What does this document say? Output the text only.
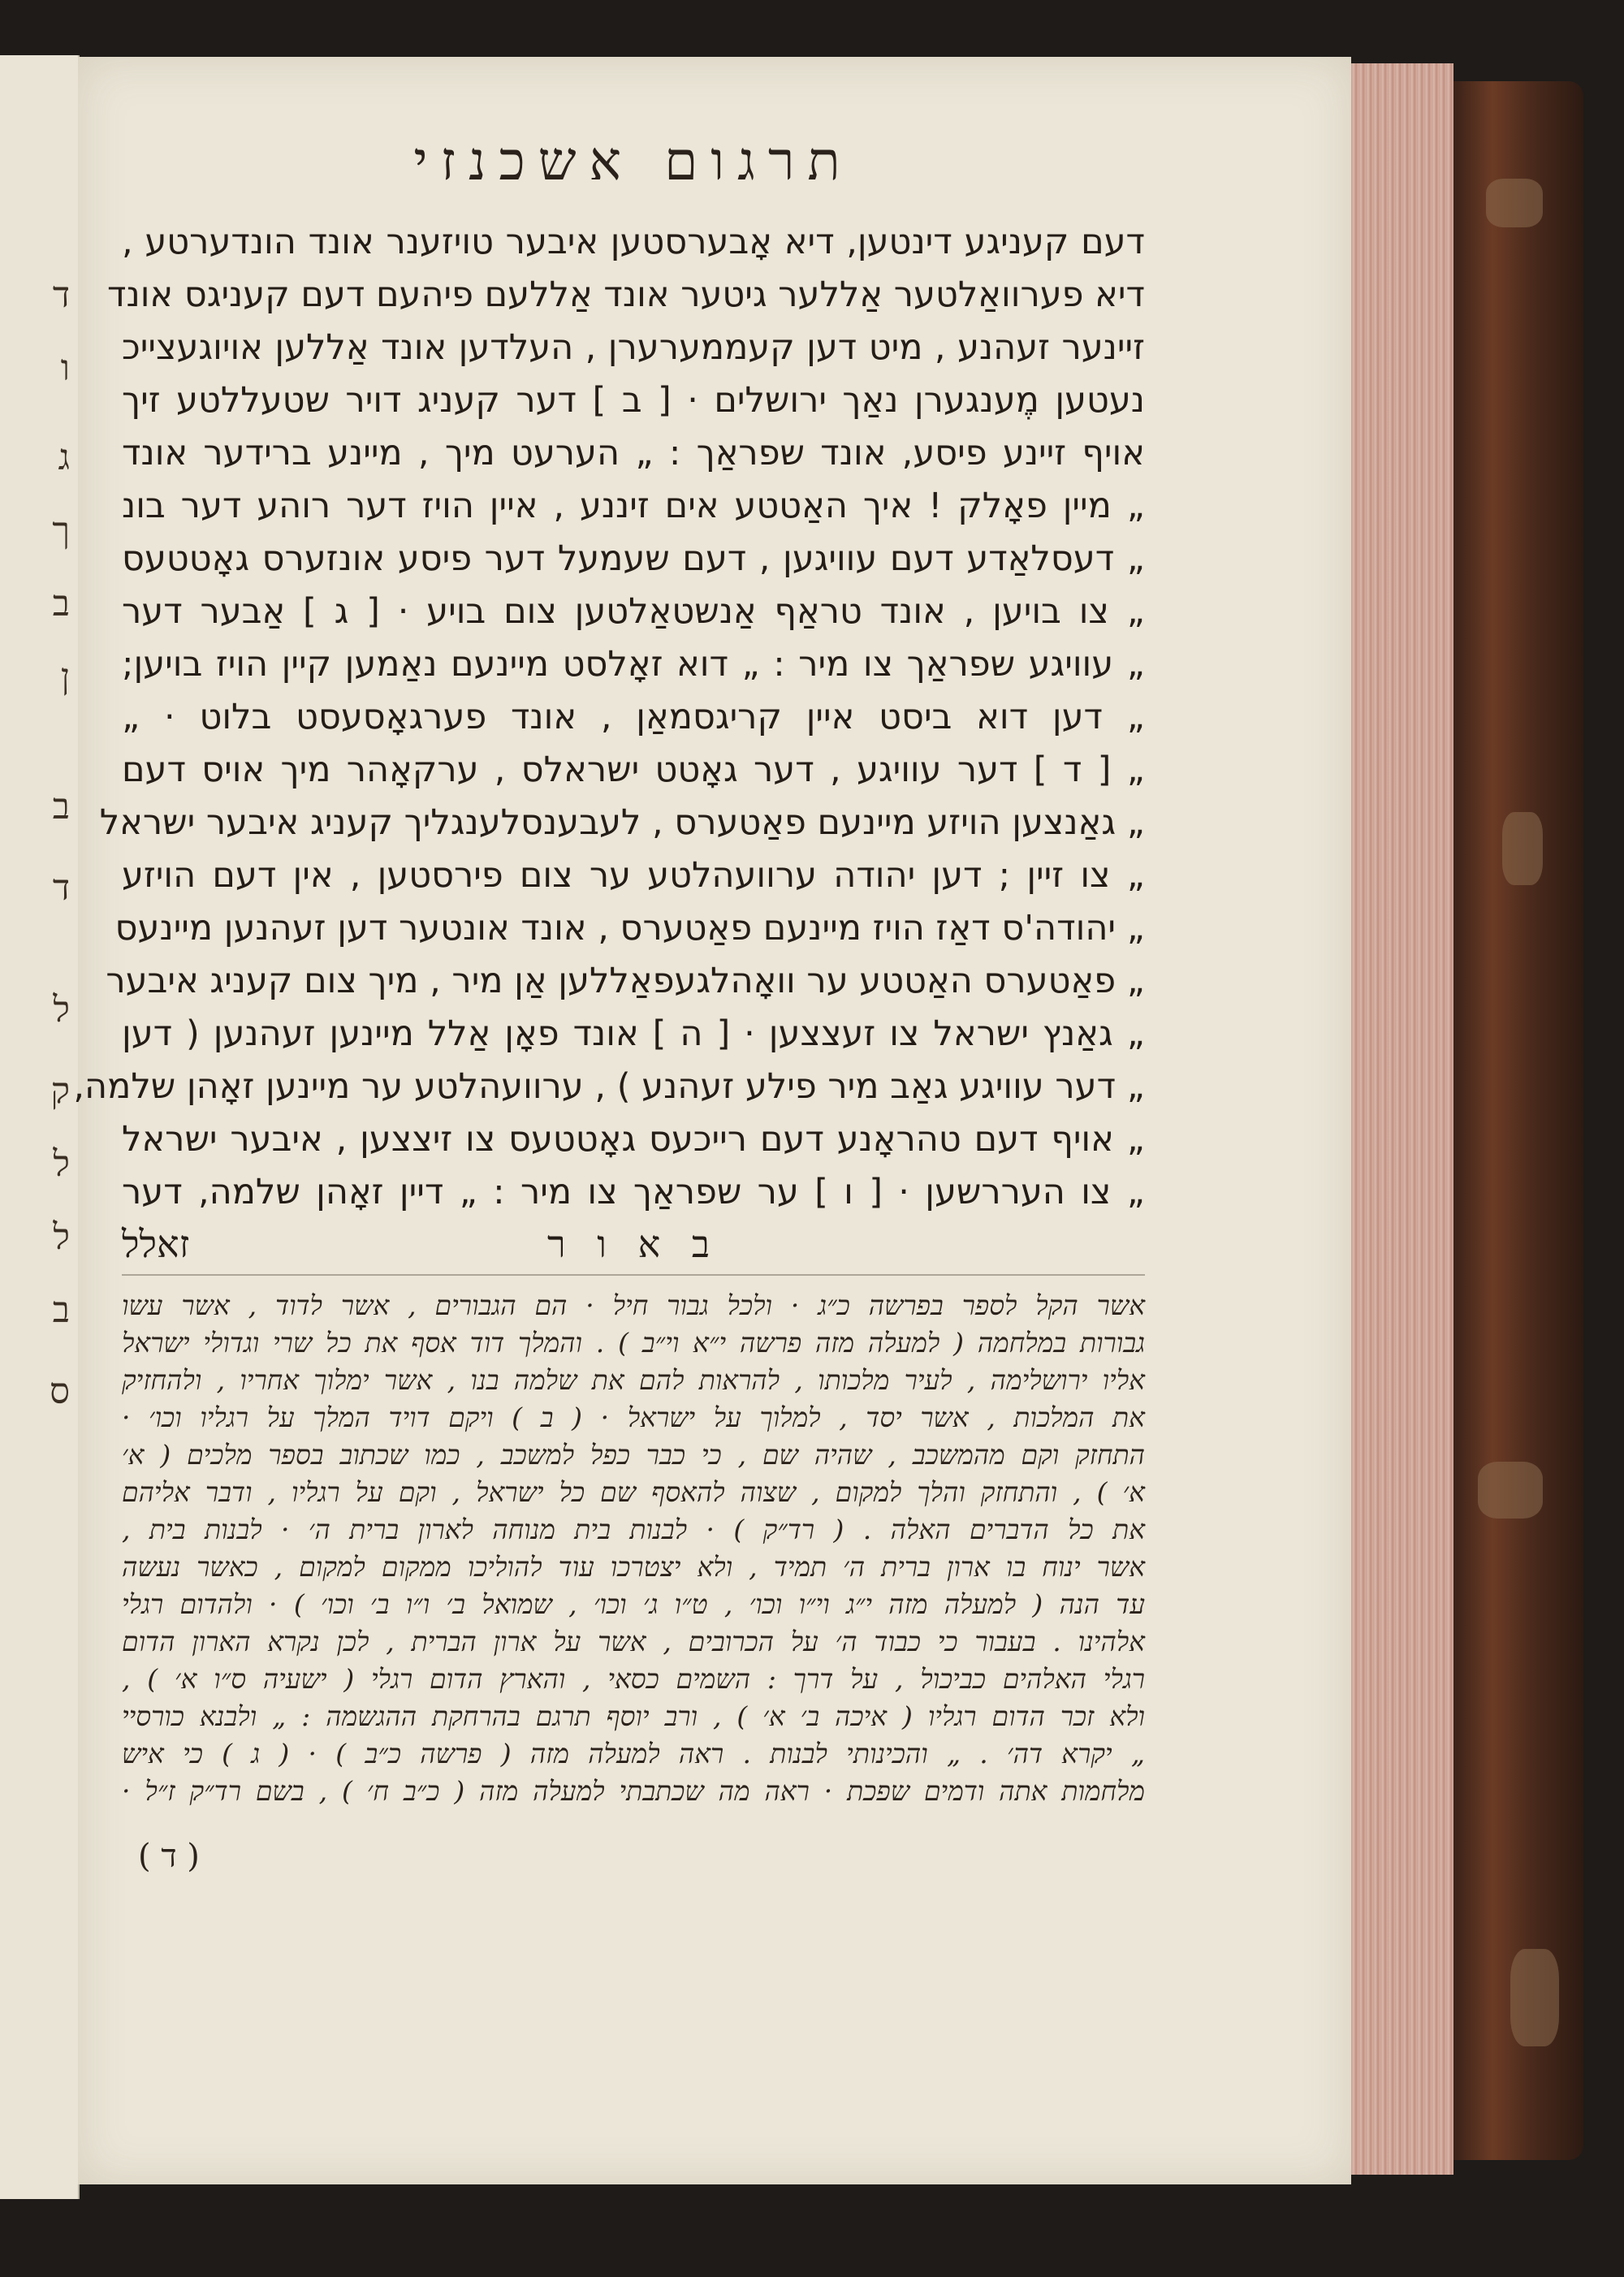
ד
ו
ג
ך
ב
ן
ב
ד
ל
ק
ל
ל
ב
ס
תרגום אשכנזי
דעם קעניגע דינטען, דיא אָבערסטען איבער טויזענר אונד הונדערטע ,
דיא פערוואַלטער אַללער גיטער אונד אַללעם פיהעם דעם קעניגס אונד
זיינער זעהנע , מיט דען קעממערערן , העלדען אונד אַללען אויוגעצייכ
נעטען מֶענגערן נאַך ירושלים · [ ב ] דער קעניג דויר שטעללטע זיך
אויף זיינע פיסע, אונד שפראַך : „ הערעט מיך , מיינע ברידער אונד
„ מיין פאָלק ! איך האַטטע אים זיננע , איין הויז דער רוהע דער בונ
„ דעסלאַדע דעם עוויגען , דעם שעמעל דער פיסע אונזערס גאָטטעס
„ צו בויען , אונד טראַף אַנשטאַלטען צום בויע · [ ג ] אַבער דער
„ עוויגע שפראַך צו מיר : „ דוא זאָלסט מיינעם נאַמען קיין הויז בויען;
„ דען דוא ביסט איין קריגסמאַן , אונד פערגאָסעסט בלוט · „
„ [ ד ] דער עוויגע , דער גאָטט ישראלס , ערקאָהר מיך אויס דעם
„ גאַנצען הויזע מיינעם פאַטערס , לעבענסלענגליך קעניג איבער ישראל
„ צו זיין ; דען יהודה ערוועהלטע ער צום פירסטען , אין דעם הויזע
„ יהודה'ס דאַז הויז מיינעם פאַטערס , אונד אונטער דען זעהנען מיינעס
„ פאַטערס האַטטע ער וואָהלגעפאַללען אַן מיר , מיך צום קעניג איבער
„ גאַנץ ישראל צו זעצצען · [ ה ] אונד פאָן אַלל מיינען זעהנען ( דען
„ דער עוויגע גאַב מיר פילע זעהנע ) , ערוועהלטע ער מיינען זאָהן שלמה,
„ אויף דעם טהראָנע דעם רייכעס גאָטטעס צו זיצצען , איבער ישראל
„ צו העררשען · [ ו ] ער שפראַך צו מיר : „ דיין זאָהן שלמה, דער
ב א ו ר
זאלל
אשר הקל לספר בפרשה כ״ג · ולכל גבור חיל · הם הגבורים , אשר לדוד , אשר עשו
גבורות במלחמה ( למעלה מזה פרשה י״א וי״ב ) . והמלך דוד אסף את כל שרי וגדולי ישראל
אליו ירושלימה , לעיר מלכותו , להראות להם את שלמה בנו , אשר ימלוך אחריו , ולהחזיק
את המלכות , אשר יסד , למלוך על ישראל · ( ב ) ויקם דויד המלך על רגליו וכו׳ ·
התחזק וקם מהמשכב , שהיה שם , כי כבר כפל למשכב , כמו שכתוב בספר מלכים ( א׳
א׳ ) , והתחזק והלך למקום , שצוה להאסף שם כל ישראל , וקם על רגליו , ודבר אליהם
את כל הדברים האלה . ( רד״ק ) · לבנות בית מנוחה לארון ברית ה׳ · לבנות בית ,
אשר ינוח בו ארון ברית ה׳ תמיד , ולא יצטרכו עוד להוליכו ממקום למקום , כאשר נעשה
עד הנה ( למעלה מזה י״ג וי״ו וכו׳ , ט״ו ג׳ וכו׳ , שמואל ב׳ ו״ו ב׳ וכו׳ ) · ולהדום רגלי
אלהינו . בעבור כי כבוד ה׳ על הכרובים , אשר על ארון הברית , לכן נקרא הארון הדום
רגלי האלהים כביכול , על דרך : השמים כסאי , והארץ הדום רגלי ( ישעיה ס״ו א׳ ) ,
ולא זכר הדום רגליו ( איכה ב׳ א׳ ) , ורב יוסף תרגם בהרחקת ההגשמה : „ ולבנא כורסיי
„ יקרא דה׳ . „ והכינותי לבנות . ראה למעלה מזה ( פרשה כ״ב ) · ( ג ) כי איש
מלחמות אתה ודמים שפכת · ראה מה שכתבתי למעלה מזה ( כ״ב ח׳ ) , בשם רד״ק ז״ל ·
( ד )
